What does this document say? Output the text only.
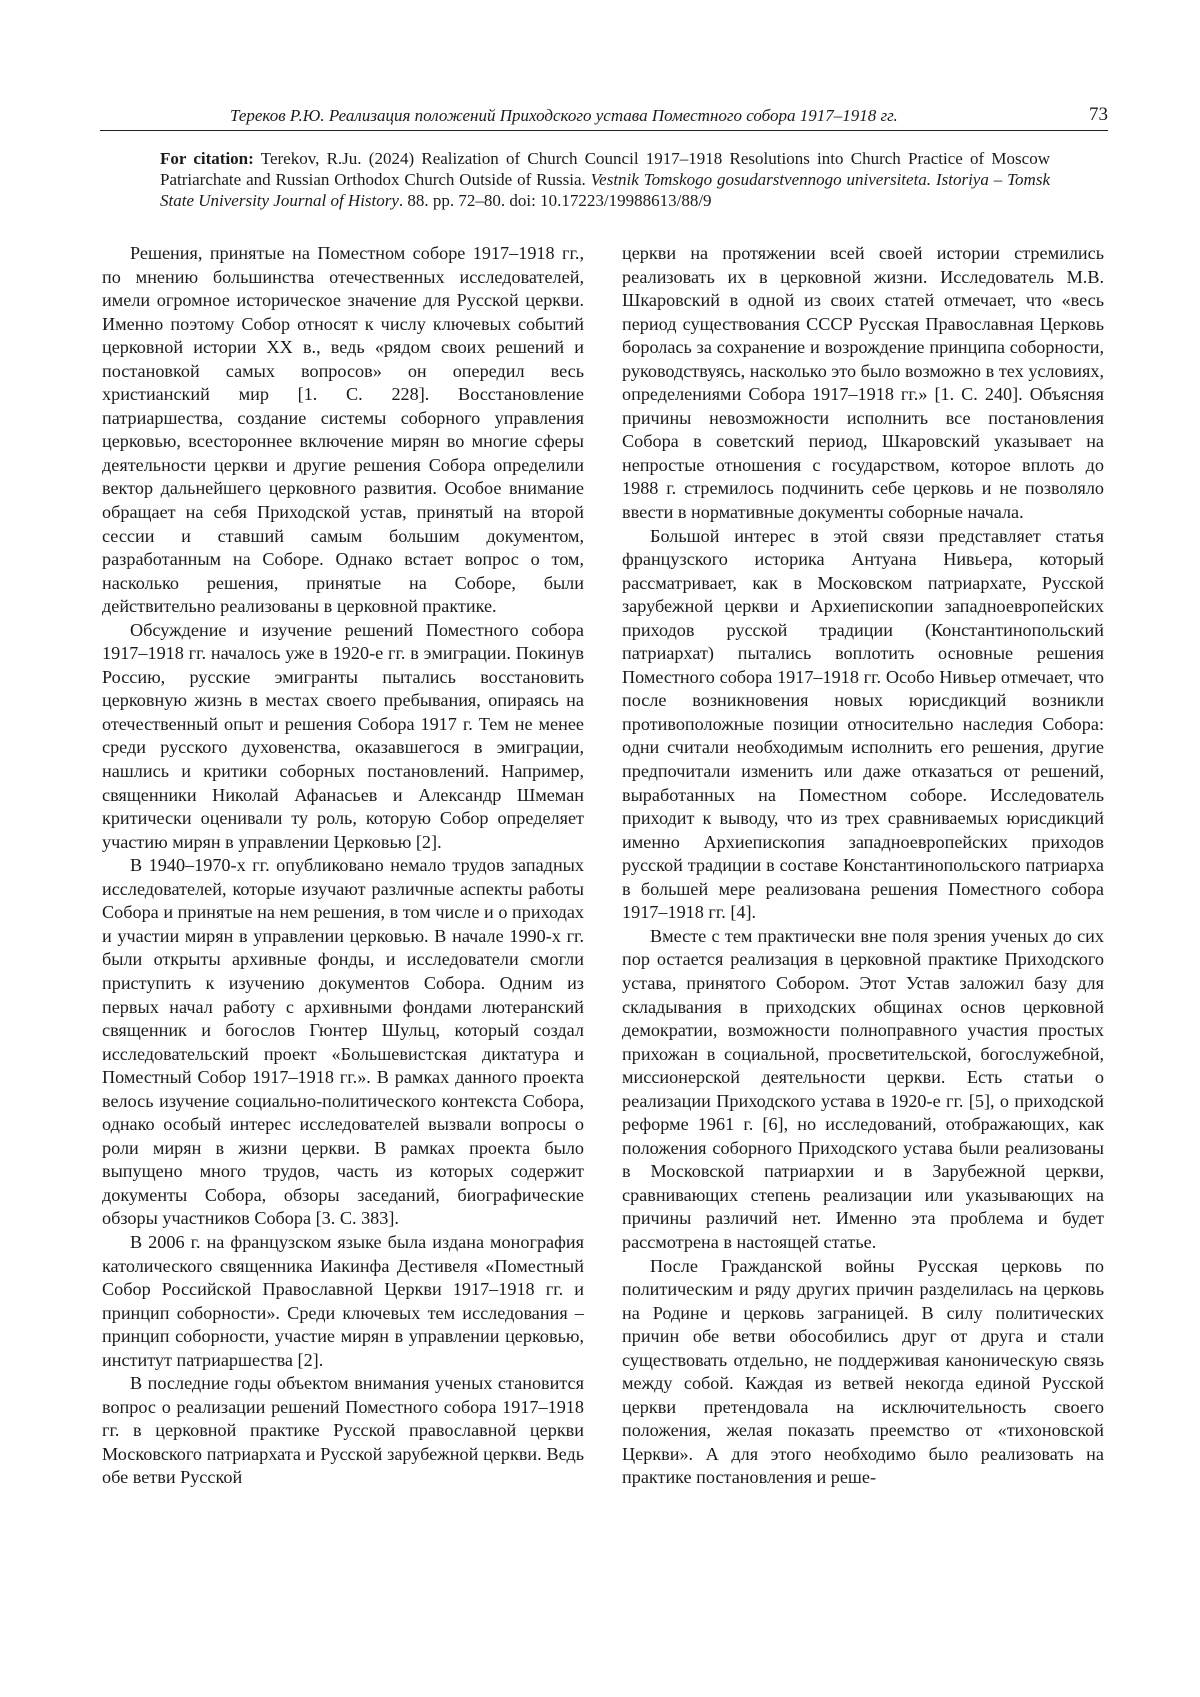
Тереков Р.Ю. Реализация положений Приходского устава Поместного собора 1917–1918 гг.	73
For citation: Terekov, R.Ju. (2024) Realization of Church Council 1917–1918 Resolutions into Church Practice of Moscow Patriarchate and Russian Orthodox Church Outside of Russia. Vestnik Tomskogo gosudarstvennogo universiteta. Istoriya – Tomsk State University Journal of History. 88. pp. 72–80. doi: 10.17223/19988613/88/9

Решения, принятые на Поместном соборе 1917–1918 гг., по мнению большинства отечественных исследователей, имели огромное историческое значение для Русской церкви. Именно поэтому Собор относят к числу ключевых событий церковной истории XX в., ведь «рядом своих решений и постановкой самых вопросов» он опередил весь христианский мир [1. С. 228]. Восстановление патриаршества, создание системы соборного управления церковью, всестороннее включение мирян во многие сферы деятельности церкви и другие решения Собора определили вектор дальнейшего церковного развития. Особое внимание обращает на себя Приходской устав, принятый на второй сессии и ставший самым большим документом, разработанным на Соборе. Однако встает вопрос о том, насколько решения, принятые на Соборе, были действительно реализованы в церковной практике.

Обсуждение и изучение решений Поместного собора 1917–1918 гг. началось уже в 1920-е гг. в эмиграции. Покинув Россию, русские эмигранты пытались восстановить церковную жизнь в местах своего пребывания, опираясь на отечественный опыт и решения Собора 1917 г. Тем не менее среди русского духовенства, оказавшегося в эмиграции, нашлись и критики соборных постановлений. Например, священники Николай Афанасьев и Александр Шмеман критически оценивали ту роль, которую Собор определяет участию мирян в управлении Церковью [2].

В 1940–1970-х гг. опубликовано немало трудов западных исследователей, которые изучают различные аспекты работы Собора и принятые на нем решения, в том числе и о приходах и участии мирян в управлении церковью. В начале 1990-х гг. были открыты архивные фонды, и исследователи смогли приступить к изучению документов Собора. Одним из первых начал работу с архивными фондами лютеранский священник и богослов Гюнтер Шульц, который создал исследовательский проект «Большевистская диктатура и Поместный Собор 1917–1918 гг.». В рамках данного проекта велось изучение социально-политического контекста Собора, однако особый интерес исследователей вызвали вопросы о роли мирян в жизни церкви. В рамках проекта было выпущено много трудов, часть из которых содержит документы Собора, обзоры заседаний, биографические обзоры участников Собора [3. С. 383].

В 2006 г. на французском языке была издана монография католического священника Иакинфа Дестивеля «Поместный Собор Российской Православной Церкви 1917–1918 гг. и принцип соборности». Среди ключевых тем исследования – принцип соборности, участие мирян в управлении церковью, институт патриаршества [2].

В последние годы объектом внимания ученых становится вопрос о реализации решений Поместного собора 1917–1918 гг. в церковной практике Русской православной церкви Московского патриархата и Русской зарубежной церкви. Ведь обе ветви Русской

церкви на протяжении всей своей истории стремились реализовать их в церковной жизни. Исследователь М.В. Шкаровский в одной из своих статей отмечает, что «весь период существования СССР Русская Православная Церковь боролась за сохранение и возрождение принципа соборности, руководствуясь, насколько это было возможно в тех условиях, определениями Собора 1917–1918 гг.» [1. С. 240]. Объясняя причины невозможности исполнить все постановления Собора в советский период, Шкаровский указывает на непростые отношения с государством, которое вплоть до 1988 г. стремилось подчинить себе церковь и не позволяло ввести в нормативные документы соборные начала.

Большой интерес в этой связи представляет статья французского историка Антуана Нивьера, который рассматривает, как в Московском патриархате, Русской зарубежной церкви и Архиепископии западноевропейских приходов русской традиции (Константинопольский патриархат) пытались воплотить основные решения Поместного собора 1917–1918 гг. Особо Нивьер отмечает, что после возникновения новых юрисдикций возникли противоположные позиции относительно наследия Собора: одни считали необходимым исполнить его решения, другие предпочитали изменить или даже отказаться от решений, выработанных на Поместном соборе. Исследователь приходит к выводу, что из трех сравниваемых юрисдикций именно Архиепископия западноевропейских приходов русской традиции в составе Константинопольского патриарха в большей мере реализована решения Поместного собора 1917–1918 гг. [4].

Вместе с тем практически вне поля зрения ученых до сих пор остается реализация в церковной практике Приходского устава, принятого Собором. Этот Устав заложил базу для складывания в приходских общинах основ церковной демократии, возможности полноправного участия простых прихожан в социальной, просветительской, богослужебной, миссионерской деятельности церкви. Есть статьи о реализации Приходского устава в 1920-е гг. [5], о приходской реформе 1961 г. [6], но исследований, отображающих, как положения соборного Приходского устава были реализованы в Московской патриархии и в Зарубежной церкви, сравнивающих степень реализации или указывающих на причины различий нет. Именно эта проблема и будет рассмотрена в настоящей статье.

После Гражданской войны Русская церковь по политическим и ряду других причин разделилась на церковь на Родине и церковь заграницей. В силу политических причин обе ветви обособились друг от друга и стали существовать отдельно, не поддерживая каноническую связь между собой. Каждая из ветвей некогда единой Русской церкви претендовала на исключительность своего положения, желая показать преемство от «тихоновской Церкви». А для этого необходимо было реализовать на практике постановления и реше-
